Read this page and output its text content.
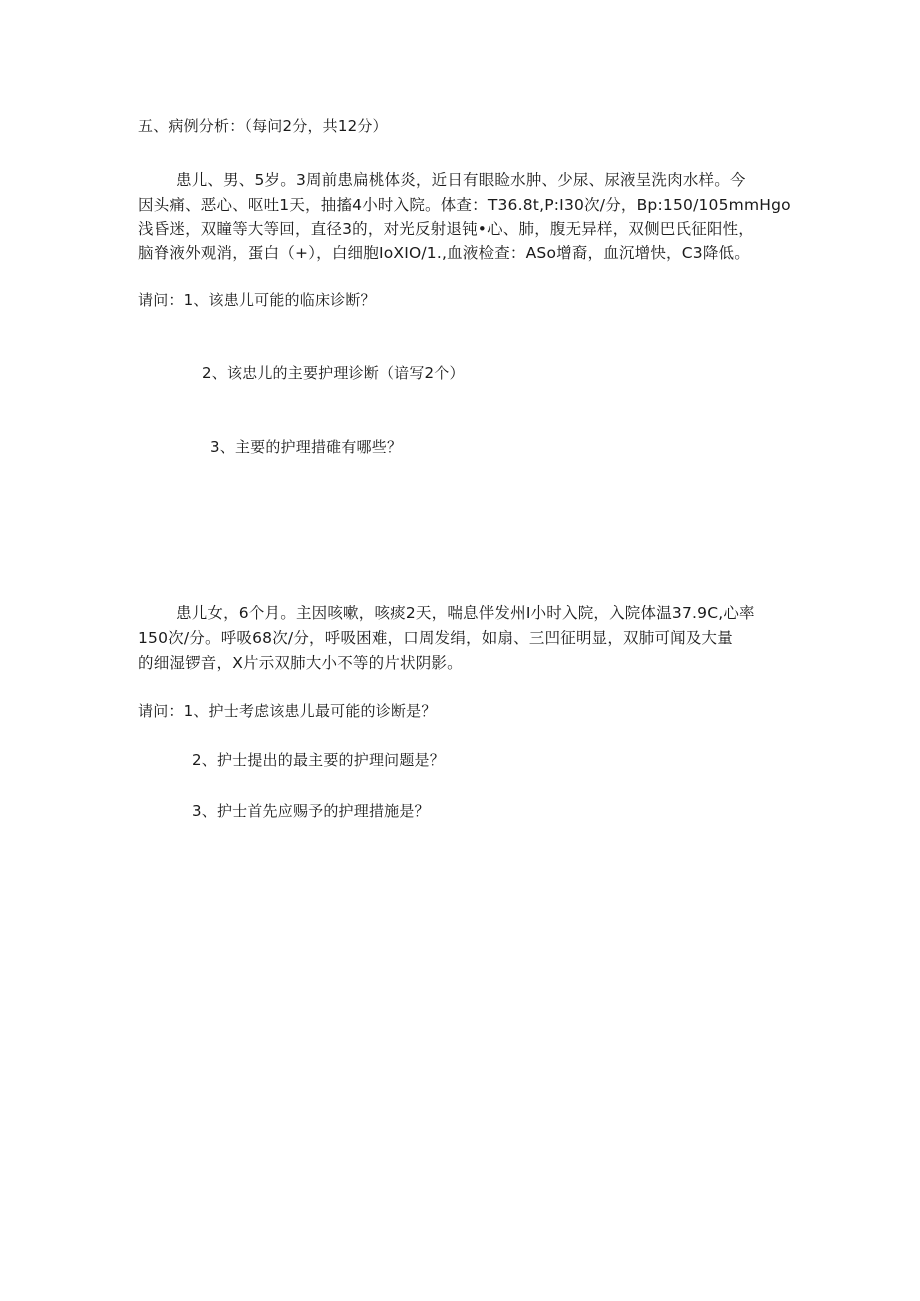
五、病例分析：（每问2分，共12分）
患儿、男、5岁。3周前患扁桃体炎，近日有眼睑水肿、少尿、尿液呈洗肉水样。今
因头痛、恶心、呕吐1天，抽搐4小时入院。体查：T36.8t,P:I30次/分，Bp:150/105mmHgo
浅昏迷，双瞳等大等回，直径3的，对光反射退钝•心、肺，腹无异样，双侧巴氏征阳性，
脑脊液外观消，蛋白（+），白细胞IoXIO∕1.,血液检查：ASo增裔，血沉增快，C3降低。
请问：1、该患儿可能的临床诊断？
2、该忠儿的主要护理诊断（谙写2个）
3、主要的护理措碓有哪些？
患儿女，6个月。主因咳嗽，咳痰2天，喘息伴发州I小时入院，入院体温37.9C,心率
150次/分。呼吸68次/分，呼吸困难，口周发绢，如扇、三凹征明显，双肺可闻及大量
的细湿锣音，X片示双肺大小不等的片状阴影。
请问：1、护士考虑该患儿最可能的诊断是？
2、护士提出的最主要的护理问题是？
3、护士首先应赐予的护理措施是？
